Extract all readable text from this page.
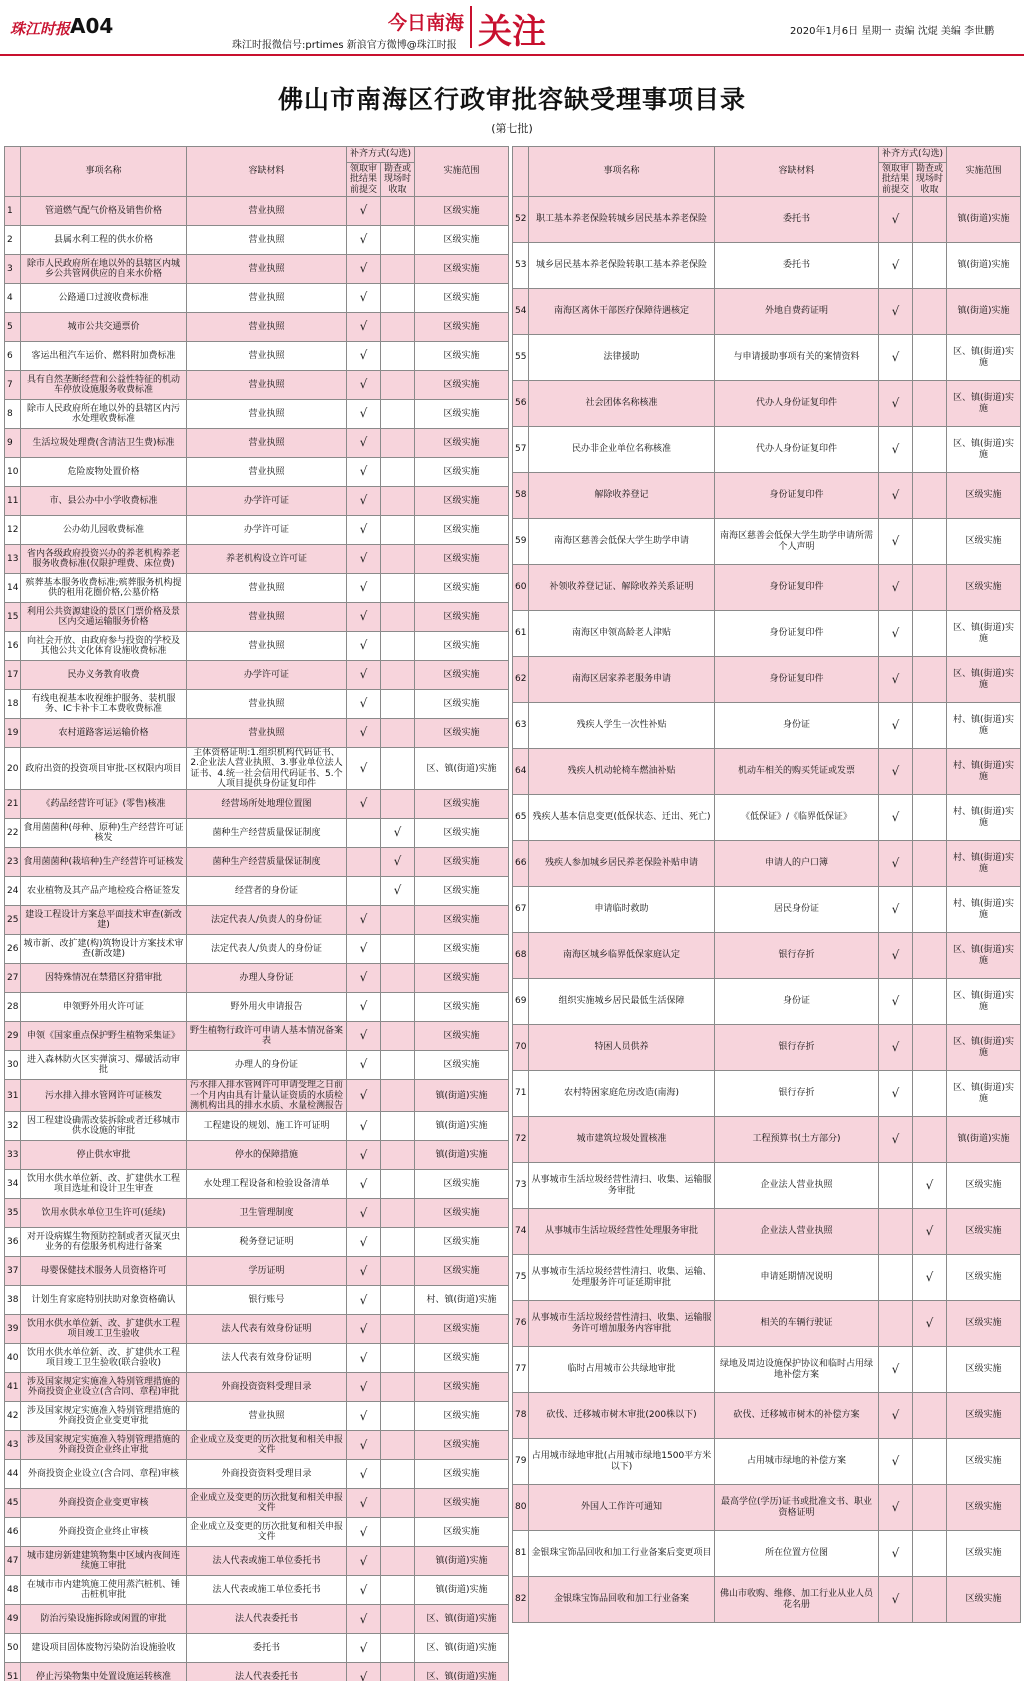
珠江时报 A04
珠江时报微信号:prtimes 新浪官方微博@珠江时报
今日南海 关注	2020年1月6日 星期一 责编 沈焜 美编 李世鹏
佛山市南海区行政审批容缺受理事项目录
(第七批)
	事项名称	容缺材料	补齐方式(勾选)		实施范围
			领取审批结果前提交	勘查或现场时收取	
1	管道燃气配气价格及销售价格	营业执照	√		区级实施
2	县属水利工程的供水价格	营业执照	√		区级实施
3	除市人民政府所在地以外的县辖区内城乡公共管网供应的自来水价格	营业执照	√		区级实施
4	公路通口过渡收费标准	营业执照	√		区级实施
5	城市公共交通票价	营业执照	√		区级实施
6	客运出租汽车运价、燃料附加费标准	营业执照	√		区级实施
7	具有自然垄断经营和公益性特征的机动车停放设施服务收费标准	营业执照	√		区级实施
8	除市人民政府所在地以外的县辖区内污水处理收费标准	营业执照	√		区级实施
9	生活垃圾处理费(含清洁卫生费)标准	营业执照	√		区级实施
10	危险废物处置价格	营业执照	√		区级实施
11	市、县公办中小学收费标准	办学许可证	√		区级实施
12	公办幼儿园收费标准	办学许可证	√		区级实施
13	省内各级政府投资兴办的养老机构养老服务收费标准(仅限护理费、床位费)	养老机构设立许可证	√		区级实施
14	殡葬基本服务收费标准;殡葬服务机构提供的租用花圈价格,公墓价格	营业执照	√		区级实施
15	利用公共资源建设的景区门票价格及景区内交通运输服务价格	营业执照	√		区级实施
16	向社会开放、由政府参与投资的学校及其他公共文化体育设施收费标准	营业执照	√		区级实施
17	民办义务教育收费	办学许可证	√		区级实施
18	有线电视基本收视维护服务、装机服务、IC卡补卡工本费收费标准	营业执照	√		区级实施
19	农村道路客运运输价格	营业执照	√		区级实施
20	政府出资的投资项目审批-区权限内项目	主体资格证明:1.组织机构代码证书、2.企业法人营业执照、3.事业单位法人证书、4.统一社会信用代码证书、5.个人项目提供身份证复印件	√		区、镇(街道)实施
21	《药品经营许可证》(零售)核准	经营场所处地理位置图	√		区级实施
22	食用菌菌种(母种、原种)生产经营许可证核发	菌种生产经营质量保证制度		√	区级实施
23	食用菌菌种(栽培种)生产经营许可证核发	菌种生产经营质量保证制度		√	区级实施
24	农业植物及其产品产地检疫合格证签发	经营者的身份证		√	区级实施
25	建设工程设计方案总平面技术审查(新改建)	法定代表人/负责人的身份证	√		区级实施
26	城市新、改扩建(构)筑物设计方案技术审查(新改建)	法定代表人/负责人的身份证	√		区级实施
27	因特殊情况在禁猎区狩猎审批	办理人身份证	√		区级实施
28	申领野外用火许可证	野外用火申请报告	√		区级实施
29	申领《国家重点保护野生植物采集证》	野生植物行政许可申请人基本情况备案表	√		区级实施
30	进入森林防火区实弹演习、爆破活动审批	办理人的身份证	√		区级实施
31	污水排入排水管网许可证核发	污水排入排水管网许可申请受理之日前一个月内由具有计量认证资质的水质检测机构出具的排水水质、水量检测报告	√		镇(街道)实施
32	因工程建设确需改装拆除或者迁移城市供水设施的审批	工程建设的规划、施工许可证明	√		镇(街道)实施
33	停止供水审批	停水的保障措施	√		镇(街道)实施
34	饮用水供水单位新、改、扩建供水工程项目选址和设计卫生审查	水处理工程设备和检验设备清单	√		区级实施
35	饮用水供水单位卫生许可(延续)	卫生管理制度	√		区级实施
36	对开设病媒生物预防控制或者灭鼠灭虫业务的有偿服务机构进行备案	税务登记证明	√		区级实施
37	母婴保健技术服务人员资格许可	学历证明	√		区级实施
38	计划生育家庭特别扶助对象资格确认	银行账号	√		村、镇(街道)实施
39	饮用水供水单位新、改、扩建供水工程项目竣工卫生验收	法人代表有效身份证明	√		区级实施
40	饮用水供水单位新、改、扩建供水工程项目竣工卫生验收(联合验收)	法人代表有效身份证明	√		区级实施
41	涉及国家规定实施准入特别管理措施的外商投资企业设立(含合同、章程)审批	外商投资资料受理目录	√		区级实施
42	涉及国家规定实施准入特别管理措施的外商投资企业变更审批	营业执照	√		区级实施
43	涉及国家规定实施准入特别管理措施的外商投资企业终止审批	企业成立及变更的历次批复和相关申报文件	√		区级实施
44	外商投资企业设立(含合同、章程)审核	外商投资资料受理目录	√		区级实施
45	外商投资企业变更审核	企业成立及变更的历次批复和相关申报文件	√		区级实施
46	外商投资企业终止审核	企业成立及变更的历次批复和相关申报文件	√		区级实施
47	城市建房新建建筑物集中区域内夜间连续施工审批	法人代表或施工单位委托书	√		镇(街道)实施
48	在城市市内建筑施工使用蒸汽桩机、锤击桩机审批	法人代表或施工单位委托书	√		镇(街道)实施
49	防治污染设施拆除或闲置的审批	法人代表委托书	√		区、镇(街道)实施
50	建设项目固体废物污染防治设施验收	委托书	√		区、镇(街道)实施
51	停止污染物集中处置设施运转核准	法人代表委托书	√		区、镇(街道)实施
	事项名称	容缺材料	补齐方式(勾选)		实施范围
			领取审批结果前提交	勘查或现场时收取	
52	职工基本养老保险转城乡居民基本养老保险	委托书	√		镇(街道)实施
53	城乡居民基本养老保险转职工基本养老保险	委托书	√		镇(街道)实施
54	南海区离休干部医疗保障待遇核定	外地自费药证明	√		镇(街道)实施
55	法律援助	与申请援助事项有关的案情资料	√		区、镇(街道)实施
56	社会团体名称核准	代办人身份证复印件	√		区、镇(街道)实施
57	民办非企业单位名称核准	代办人身份证复印件	√		区、镇(街道)实施
58	解除收养登记	身份证复印件	√		区级实施
59	南海区慈善会低保大学生助学申请	南海区慈善会低保大学生助学申请所需个人声明	√		区级实施
60	补领收养登记证、解除收养关系证明	身份证复印件	√		区级实施
61	南海区申领高龄老人津贴	身份证复印件	√		区、镇(街道)实施
62	南海区居家养老服务申请	身份证复印件	√		区、镇(街道)实施
63	残疾人学生一次性补贴	身份证	√		村、镇(街道)实施
64	残疾人机动轮椅车燃油补贴	机动车相关的购买凭证或发票	√		村、镇(街道)实施
65	残疾人基本信息变更(低保状态、迁出、死亡)	《低保证》/《临界低保证》	√		村、镇(街道)实施
66	残疾人参加城乡居民养老保险补贴申请	申请人的户口簿	√		村、镇(街道)实施
67	申请临时救助	居民身份证	√		村、镇(街道)实施
68	南海区城乡临界低保家庭认定	银行存折	√		区、镇(街道)实施
69	组织实施城乡居民最低生活保障	身份证	√		区、镇(街道)实施
70	特困人员供养	银行存折	√		区、镇(街道)实施
71	农村特困家庭危房改造(南海)	银行存折	√		区、镇(街道)实施
72	城市建筑垃圾处置核准	工程预算书(土方部分)	√		镇(街道)实施
73	从事城市生活垃圾经营性清扫、收集、运输服务审批	企业法人营业执照		√	区级实施
74	从事城市生活垃圾经营性处理服务审批	企业法人营业执照		√	区级实施
75	从事城市生活垃圾经营性清扫、收集、运输、处理服务许可证延期审批	申请延期情况说明		√	区级实施
76	从事城市生活垃圾经营性清扫、收集、运输服务许可增加服务内容审批	相关的车辆行驶证		√	区级实施
77	临时占用城市公共绿地审批	绿地及周边设施保护协议和临时占用绿地补偿方案	√		区级实施
78	砍伐、迁移城市树木审批(200株以下)	砍伐、迁移城市树木的补偿方案	√		区级实施
79	占用城市绿地审批(占用城市绿地1500平方米以下)	占用城市绿地的补偿方案	√		区级实施
80	外国人工作许可通知	最高学位(学历)证书或批准文书、职业资格证明	√		区级实施
81	金银珠宝饰品回收和加工行业备案后变更项目	所在位置方位图	√		区级实施
82	金银珠宝饰品回收和加工行业备案	佛山市收购、维修、加工行业从业人员花名册	√		区级实施
